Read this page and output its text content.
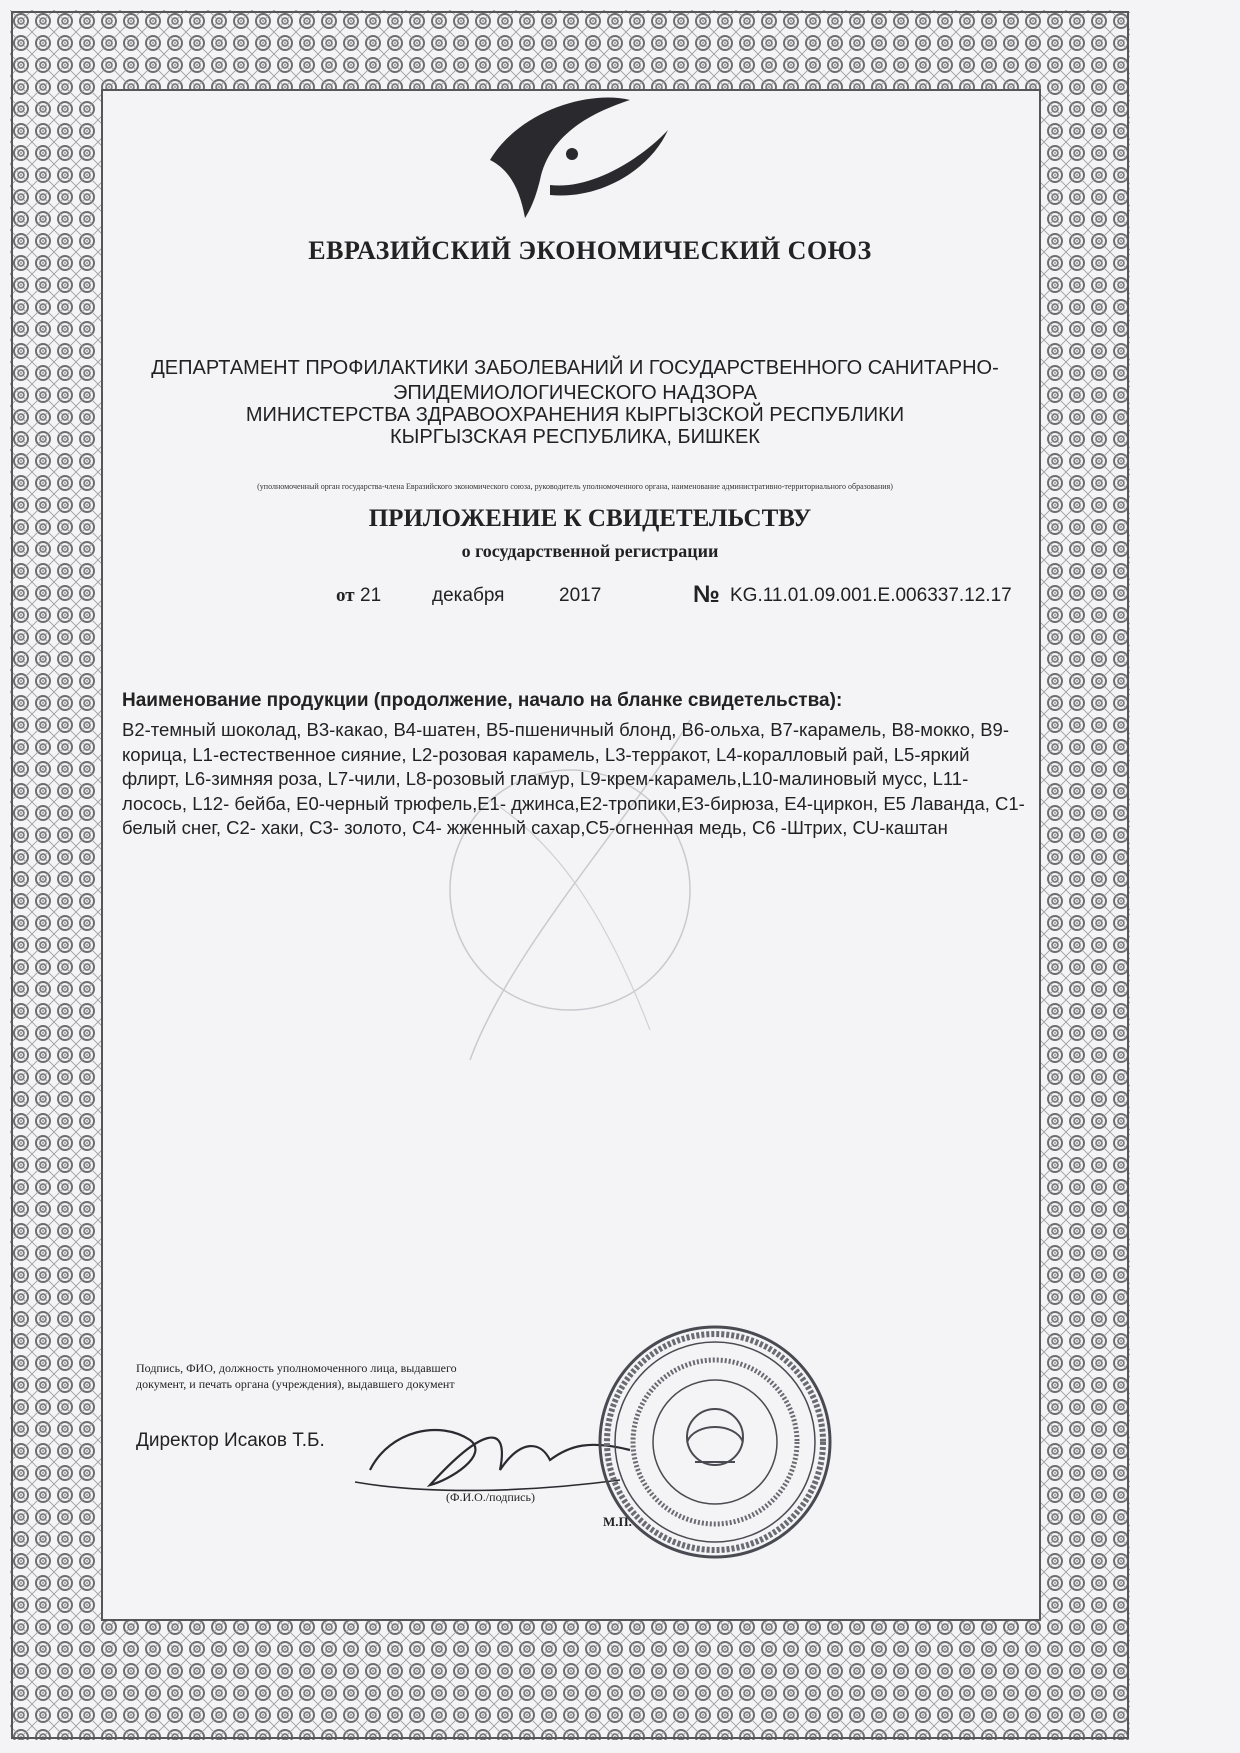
ЕВРАЗИЙСКИЙ ЭКОНОМИЧЕСКИЙ СОЮЗ
ДЕПАРТАМЕНТ ПРОФИЛАКТИКИ ЗАБОЛЕВАНИЙ И ГОСУДАРСТВЕННОГО САНИТАРНО-
ЭПИДЕМИОЛОГИЧЕСКОГО НАДЗОРА
МИНИСТЕРСТВА ЗДРАВООХРАНЕНИЯ КЫРГЫЗСКОЙ РЕСПУБЛИКИ
КЫРГЫЗСКАЯ РЕСПУБЛИКА, БИШКЕК
(уполномоченный орган государства-члена Евразийского экономического союза, руководитель уполномоченного органа, наименование административно-территориального образования)
ПРИЛОЖЕНИЕ К СВИДЕТЕЛЬСТВУ
о государственной регистрации
от 21	декабря	2017	№ KG.11.01.09.001.E.006337.12.17
Наименование продукции (продолжение, начало на бланке свидетельства):
B2-темный шоколад, B3-какао, B4-шатен, B5-пшеничный блонд, B6-ольха, B7-карамель, B8-мокко, B9-корица, L1-естественное сияние, L2-розовая карамель, L3-терракот, L4-коралловый рай, L5-яркий флирт, L6-зимняя роза, L7-чили, L8-розовый гламур, L9-крем-карамель,L10-малиновый мусс, L11-лосось, L12- бейба, E0-черный трюфель,E1- джинса,E2-тропики,E3-бирюза, E4-циркон, E5 Лаванда, C1-белый снег, C2- хаки, C3- золото, C4- жженный сахар,C5-огненная медь, C6 -Штрих, CU-каштан
Подпись, ФИО, должность уполномоченного лица, выдавшего документ, и печать органа (учреждения), выдавшего документ
Директор Исаков Т.Б.
(Ф.И.О./подпись)
М.П.
